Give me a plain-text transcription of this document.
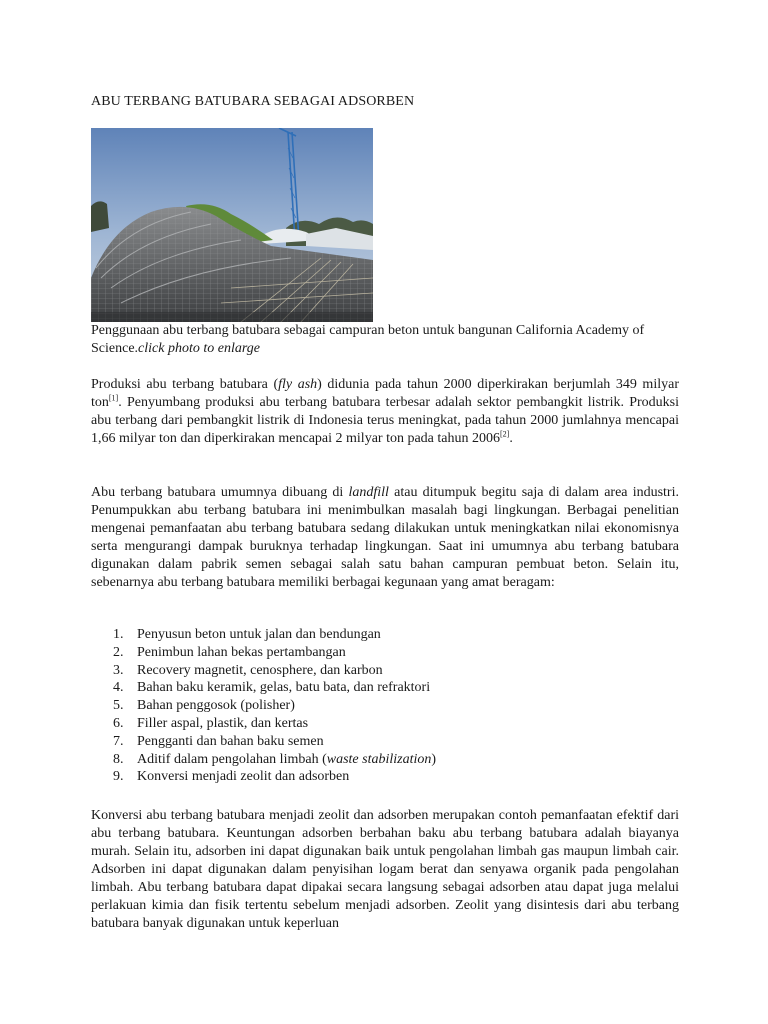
ABU TERBANG BATUBARA SEBAGAI ADSORBEN

Penggunaan abu terbang batubara sebagai campuran beton untuk bangunan California Academy of Science.click photo to enlarge

Produksi abu terbang batubara (fly ash) didunia pada tahun 2000 diperkirakan berjumlah 349 milyar ton[1]. Penyumbang produksi abu terbang batubara terbesar adalah sektor pembangkit listrik. Produksi abu terbang dari pembangkit listrik di Indonesia terus meningkat, pada tahun 2000 jumlahnya mencapai 1,66 milyar ton dan diperkirakan mencapai 2 milyar ton pada tahun 2006[2].

Abu terbang batubara umumnya dibuang di landfill atau ditumpuk begitu saja di dalam area industri. Penumpukkan abu terbang batubara ini menimbulkan masalah bagi lingkungan. Berbagai penelitian mengenai pemanfaatan abu terbang batubara sedang dilakukan untuk meningkatkan nilai ekonomisnya serta mengurangi dampak buruknya terhadap lingkungan. Saat ini umumnya abu terbang batubara digunakan dalam pabrik semen sebagai salah satu bahan campuran pembuat beton. Selain itu, sebenarnya abu terbang batubara memiliki berbagai kegunaan yang amat beragam:

1. Penyusun beton untuk jalan dan bendungan
2. Penimbun lahan bekas pertambangan
3. Recovery magnetit, cenosphere, dan karbon
4. Bahan baku keramik, gelas, batu bata, dan refraktori
5. Bahan penggosok (polisher)
6. Filler aspal, plastik, dan kertas
7. Pengganti dan bahan baku semen
8. Aditif dalam pengolahan limbah (waste stabilization)
9. Konversi menjadi zeolit dan adsorben

Konversi abu terbang batubara menjadi zeolit dan adsorben merupakan contoh pemanfaatan efektif dari abu terbang batubara. Keuntungan adsorben berbahan baku abu terbang batubara adalah biayanya murah. Selain itu, adsorben ini dapat digunakan baik untuk pengolahan limbah gas maupun limbah cair. Adsorben ini dapat digunakan dalam penyisihan logam berat dan senyawa organik pada pengolahan limbah. Abu terbang batubara dapat dipakai secara langsung sebagai adsorben atau dapat juga melalui perlakuan kimia dan fisik tertentu sebelum menjadi adsorben. Zeolit yang disintesis dari abu terbang batubara banyak digunakan untuk keperluan
